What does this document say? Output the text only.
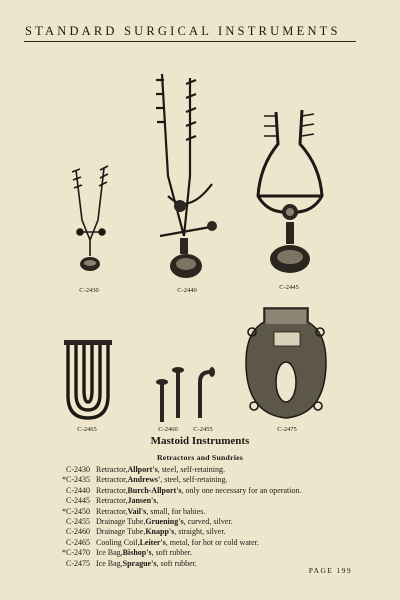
STANDARD SURGICAL INSTRUMENTS
C-2430	C-2440	C-2445
C-2465	C-2460	C-2455	C-2475
Mastoid Instruments
Retractors and Sundries
C-2430 Retractor, Allport's , steel, self-retaining.
*C-2435 Retractor, Andrews' , steel, self-retaining.
C-2440 Retractor, Burch-Allport's , only one necessary for an operation.
C-2445 Retractor, Jansen's ,
*C-2450 Retractor, Vail's , small, for babies.
C-2455 Drainage Tube, Gruening's , curved, silver.
C-2460 Drainage Tube, Knapp's , straight, silver.
C-2465 Cooling Coil, Leiter's , metal, for hot or cold water.
*C-2470 Ice Bag, Bishop's , soft rubber.
C-2475 Ice Bag, Sprague's , soft rubber.
PAGE 199
